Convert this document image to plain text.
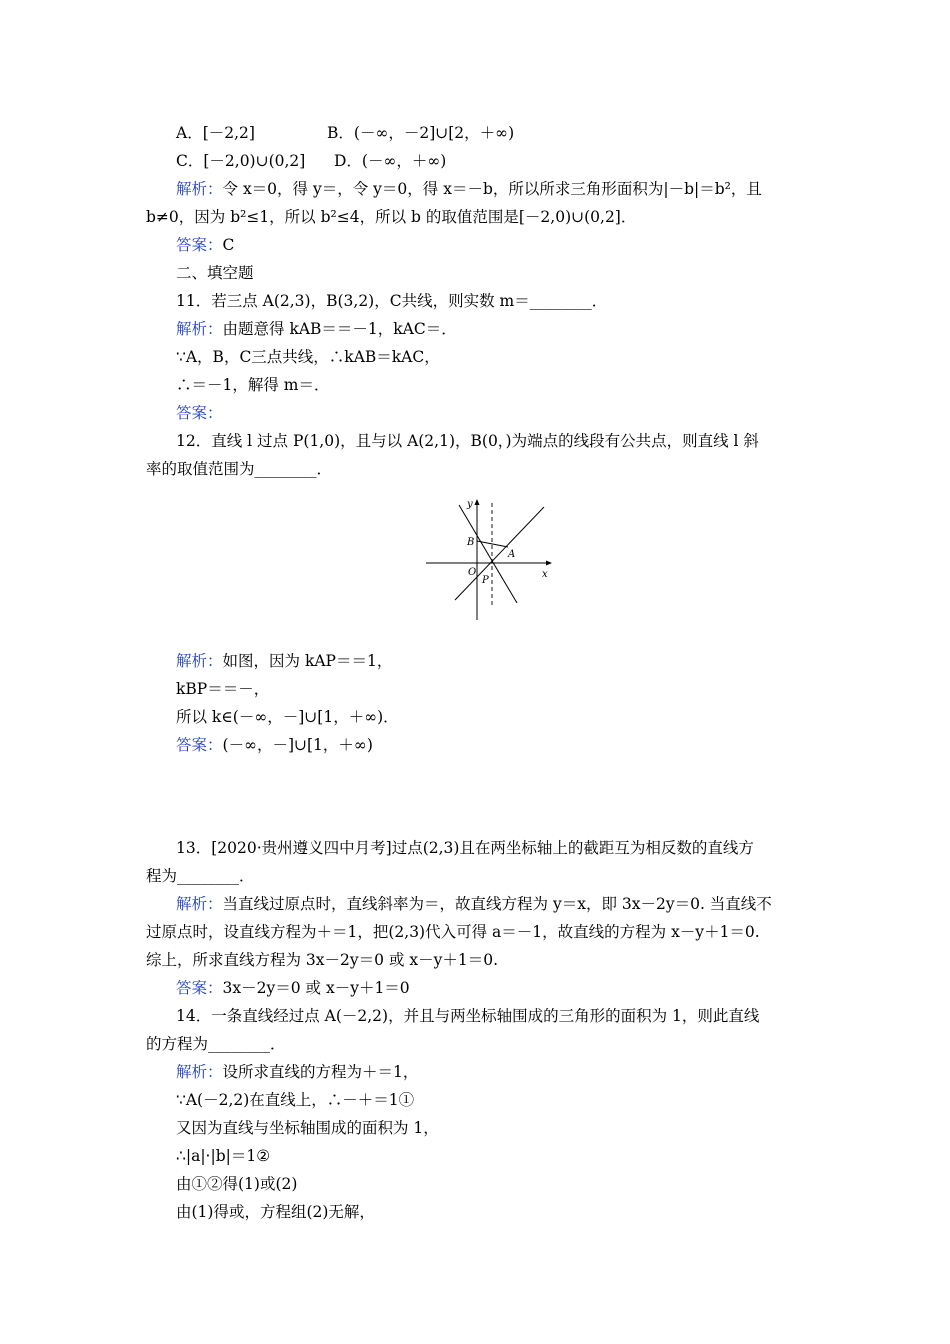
A．[－2,2]	B．(－∞，－2]∪[2，＋∞)
C．[－2,0)∪(0,2] D．(－∞，＋∞)
解析：令 x＝0，得 y＝，令 y＝0，得 x＝－b，所以所求三角形面积为|－b|＝b²，且
b≠0，因为 b²≤1，所以 b²≤4，所以 b 的取值范围是[－2,0)∪(0,2]．
答案：C
二、填空题
11．若三点 A(2,3)，B(3,2)，C共线，则实数 m＝________．
解析：由题意得 kAB＝＝－1，kAC＝．
∵A，B，C三点共线，∴kAB＝kAC，
∴＝－1，解得 m＝．
答案：
12．直线 l 过点 P(1,0)，且与以 A(2,1)，B(0，)为端点的线段有公共点，则直线 l 斜
率的取值范围为________．
y
x
B
A
O
P
解析：如图，因为 kAP＝＝1，
kBP＝＝－，
所以 k∈(－∞，－]∪[1，＋∞)．
答案：(－∞，－]∪[1，＋∞)
13．[2020·贵州遵义四中月考]过点(2,3)且在两坐标轴上的截距互为相反数的直线方
程为________．
解析：当直线过原点时，直线斜率为＝，故直线方程为 y＝x，即 3x－2y＝0. 当直线不
过原点时，设直线方程为＋＝1，把(2,3)代入可得 a＝－1，故直线的方程为 x－y＋1＝0.
综上，所求直线方程为 3x－2y＝0 或 x－y＋1＝0.
答案：3x－2y＝0 或 x－y＋1＝0
14．一条直线经过点 A(－2,2)，并且与两坐标轴围成的三角形的面积为 1，则此直线
的方程为________．
解析：设所求直线的方程为＋＝1，
∵A(－2,2)在直线上，∴－＋＝1①
又因为直线与坐标轴围成的面积为 1，
∴|a|·|b|＝1②
由①②得(1)或(2)
由(1)得或，方程组(2)无解，
